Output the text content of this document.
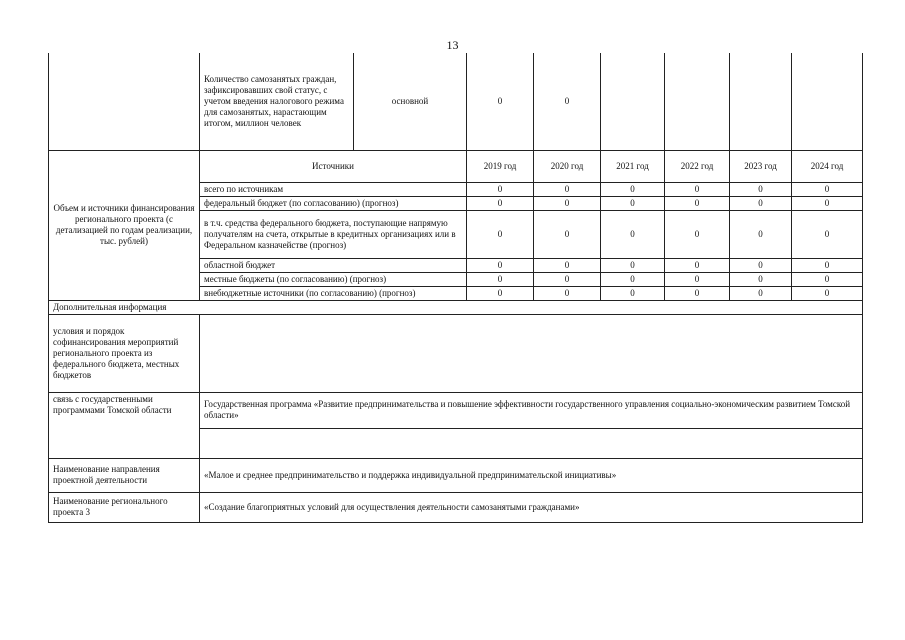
13
	Количество самозанятых граждан, зафиксировавших свой статус, с учетом введения налогового режима для самозанятых, нарастающим итогом, миллион человек	основной	0	0				
Объем и источники финансирования регионального проекта (с детализацией по годам реализации, тыс. рублей)	Источники		2019 год	2020 год	2021 год	2022 год	2023 год	2024 год
	всего по источникам		0	0	0	0	0	0
	федеральный бюджет (по согласованию) (прогноз)		0	0	0	0	0	0
	в т.ч. средства федерального бюджета, поступающие напрямую получателям на счета, открытые в кредитных организациях или в Федеральном казначействе (прогноз)		0	0	0	0	0	0
	областной бюджет		0	0	0	0	0	0
	местные бюджеты (по согласованию) (прогноз)		0	0	0	0	0	0
	внебюджетные источники (по согласованию) (прогноз)		0	0	0	0	0	0
Дополнительная информация								
условия и порядок софинансирования мероприятий регионального проекта из федерального бюджета, местных бюджетов								
связь с государственными программами Томской области	Государственная программа «Развитие предпринимательства и повышение эффективности государственного управления социально-экономическим развитием Томской области»							

Наименование направления проектной деятельности	«Малое и среднее предпринимательство и поддержка индивидуальной предпринимательской инициативы»							
Наименование регионального проекта 3	«Создание благоприятных условий для осуществления деятельности самозанятыми гражданами»							
